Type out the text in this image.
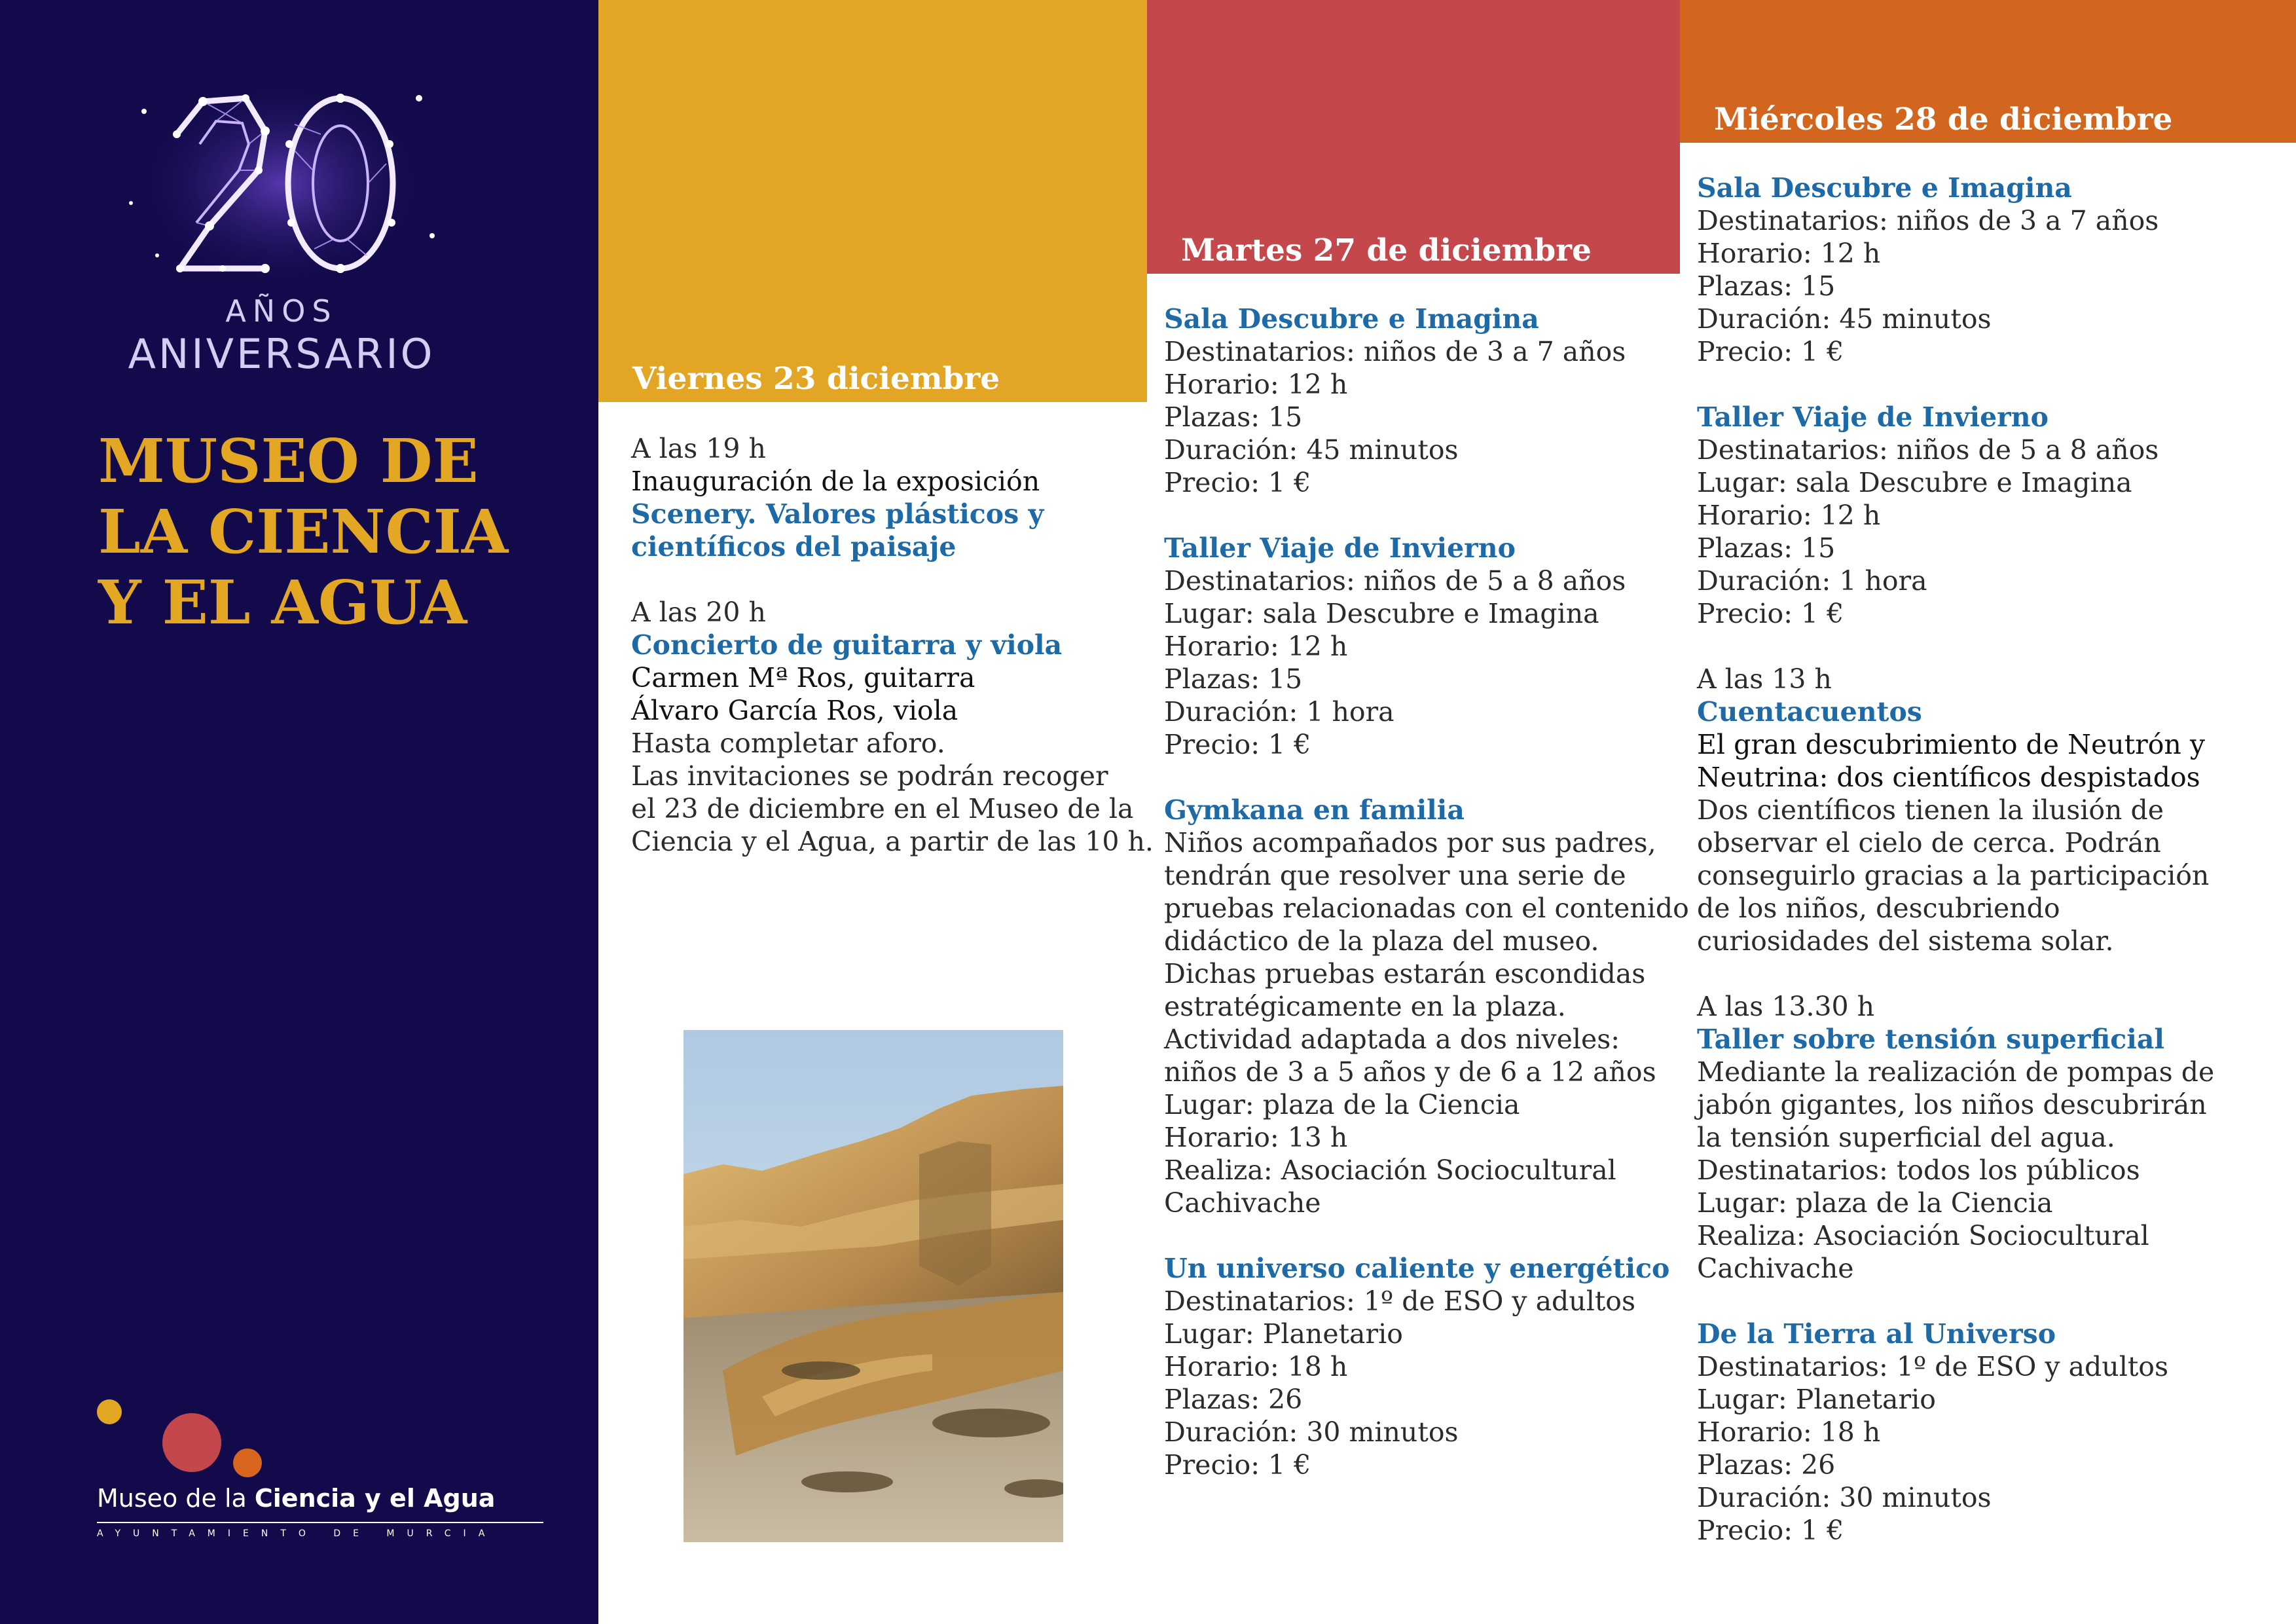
AÑOS
ANIVERSARIO
MUSEO DE
LA CIENCIA
Y EL AGUA
Museo de la Ciencia y el Agua
AYUNTAMIENTO DE MURCIA
Viernes 23 diciembre
Martes 27 de diciembre
Miércoles 28 de diciembre
A las 19 h
Inauguración de la exposición
Scenery. Valores plásticos y
científicos del paisaje
A las 20 h
Concierto de guitarra y viola
Carmen Mª Ros, guitarra
Álvaro García Ros, viola
Hasta completar aforo.
Las invitaciones se podrán recoger
el 23 de diciembre en el Museo de la
Ciencia y el Agua, a partir de las 10 h.
Sala Descubre e Imagina
Destinatarios: niños de 3 a 7 años
Horario: 12 h
Plazas: 15
Duración: 45 minutos
Precio: 1 €
Taller Viaje de Invierno
Destinatarios: niños de 5 a 8 años
Lugar: sala Descubre e Imagina
Horario: 12 h
Plazas: 15
Duración: 1 hora
Precio: 1 €
Gymkana en familia
Niños acompañados por sus padres,
tendrán que resolver una serie de
pruebas relacionadas con el contenido
didáctico de la plaza del museo.
Dichas pruebas estarán escondidas
estratégicamente en la plaza.
Actividad adaptada a dos niveles:
niños de 3 a 5 años y de 6 a 12 años
Lugar: plaza de la Ciencia
Horario: 13 h
Realiza: Asociación Sociocultural
Cachivache
Un universo caliente y energético
Destinatarios: 1º de ESO y adultos
Lugar: Planetario
Horario: 18 h
Plazas: 26
Duración: 30 minutos
Precio: 1 €
Sala Descubre e Imagina
Destinatarios: niños de 3 a 7 años
Horario: 12 h
Plazas: 15
Duración: 45 minutos
Precio: 1 €
Taller Viaje de Invierno
Destinatarios: niños de 5 a 8 años
Lugar: sala Descubre e Imagina
Horario: 12 h
Plazas: 15
Duración: 1 hora
Precio: 1 €
A las 13 h
Cuentacuentos
El gran descubrimiento de Neutrón y
Neutrina: dos científicos despistados
Dos científicos tienen la ilusión de
observar el cielo de cerca. Podrán
conseguirlo gracias a la participación
de los niños, descubriendo
curiosidades del sistema solar.
A las 13.30 h
Taller sobre tensión superficial
Mediante la realización de pompas de
jabón gigantes, los niños descubrirán
la tensión superficial del agua.
Destinatarios: todos los públicos
Lugar: plaza de la Ciencia
Realiza: Asociación Sociocultural
Cachivache
De la Tierra al Universo
Destinatarios: 1º de ESO y adultos
Lugar: Planetario
Horario: 18 h
Plazas: 26
Duración: 30 minutos
Precio: 1 €
